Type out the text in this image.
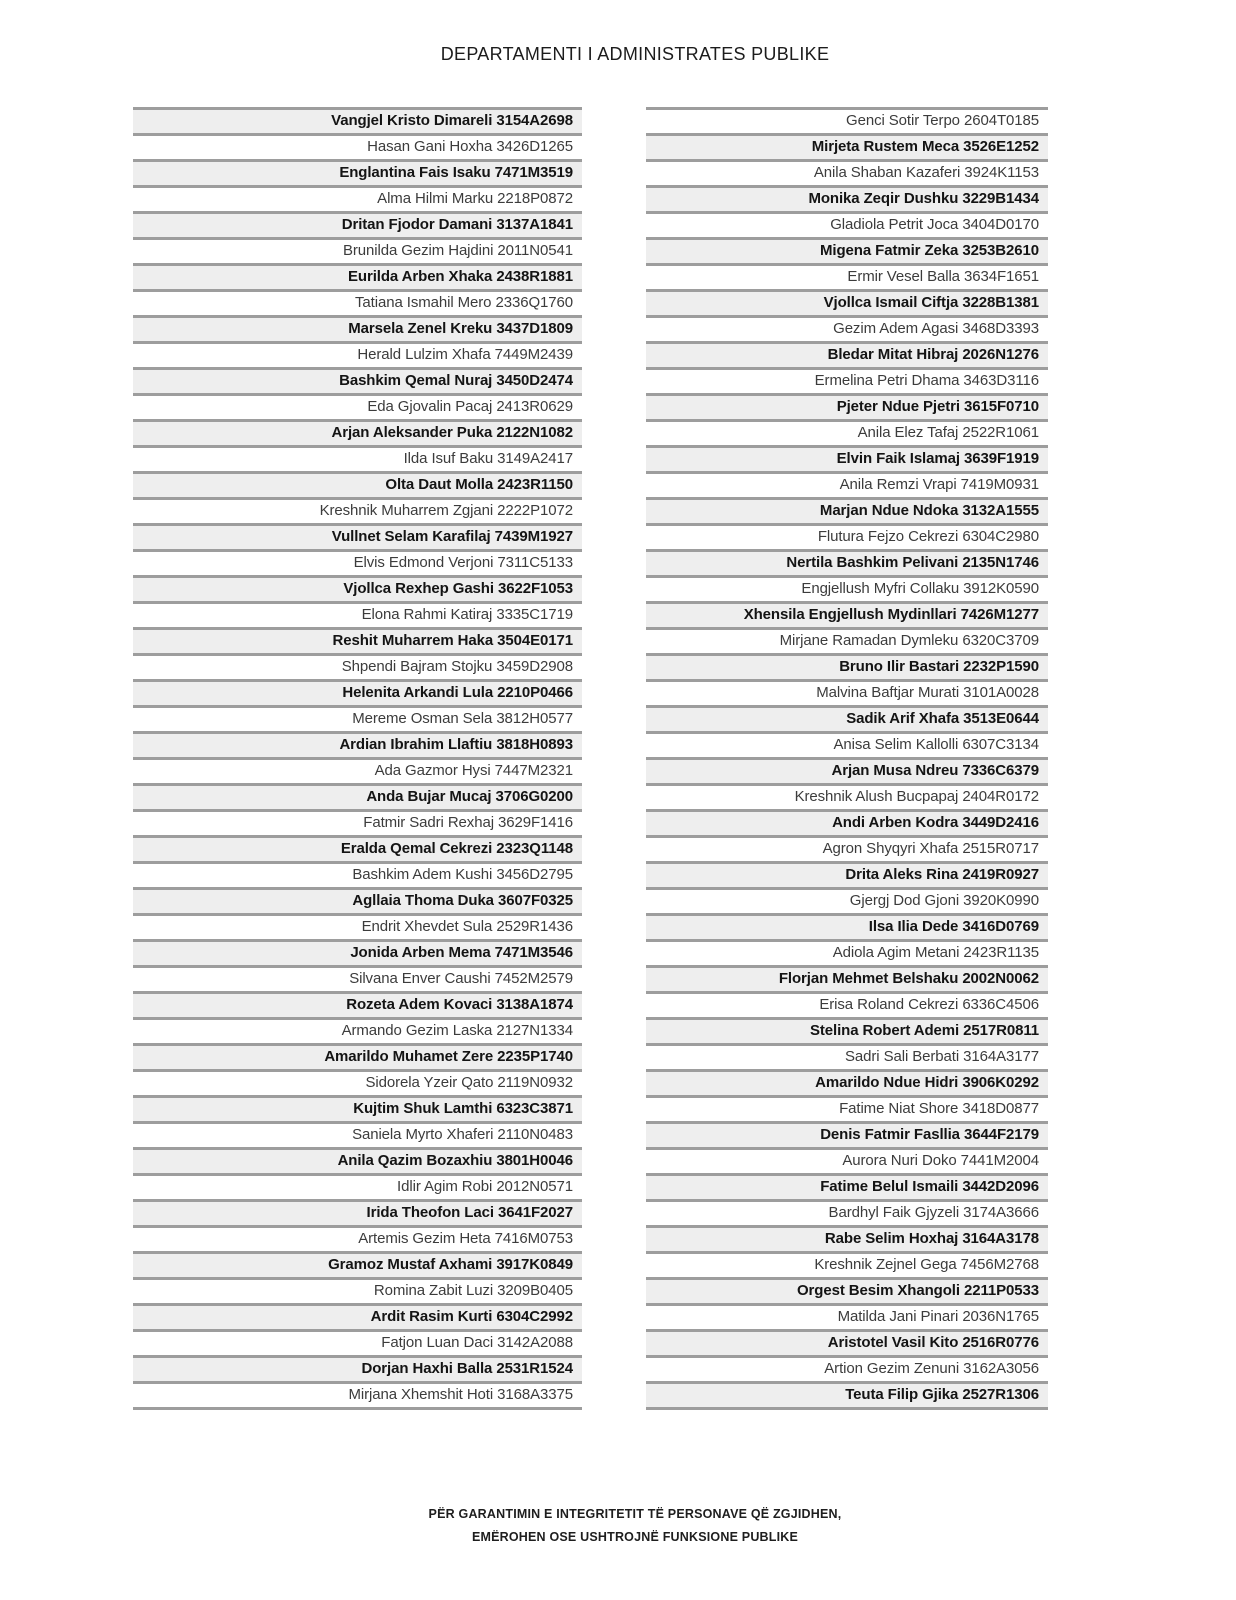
DEPARTAMENTI I ADMINISTRATES PUBLIKE
Vangjel Kristo Dimareli 3154A2698
Hasan Gani Hoxha 3426D1265
Englantina Fais Isaku 7471M3519
Alma Hilmi Marku 2218P0872
Dritan Fjodor Damani 3137A1841
Brunilda Gezim Hajdini 2011N0541
Eurilda Arben Xhaka 2438R1881
Tatiana Ismahil Mero 2336Q1760
Marsela Zenel Kreku 3437D1809
Herald Lulzim Xhafa 7449M2439
Bashkim Qemal Nuraj 3450D2474
Eda Gjovalin Pacaj 2413R0629
Arjan Aleksander Puka 2122N1082
Ilda Isuf Baku 3149A2417
Olta Daut Molla 2423R1150
Kreshnik Muharrem Zgjani 2222P1072
Vullnet Selam Karafilaj 7439M1927
Elvis Edmond Verjoni 7311C5133
Vjollca Rexhep Gashi 3622F1053
Elona Rahmi Katiraj 3335C1719
Reshit Muharrem Haka 3504E0171
Shpendi Bajram Stojku 3459D2908
Helenita Arkandi Lula 2210P0466
Mereme Osman Sela 3812H0577
Ardian Ibrahim Llaftiu 3818H0893
Ada Gazmor Hysi 7447M2321
Anda Bujar Mucaj 3706G0200
Fatmir Sadri Rexhaj 3629F1416
Eralda Qemal Cekrezi 2323Q1148
Bashkim Adem Kushi 3456D2795
Agllaia Thoma Duka 3607F0325
Endrit Xhevdet Sula 2529R1436
Jonida Arben Mema 7471M3546
Silvana Enver Caushi 7452M2579
Rozeta Adem Kovaci 3138A1874
Armando Gezim Laska 2127N1334
Amarildo Muhamet Zere 2235P1740
Sidorela Yzeir Qato 2119N0932
Kujtim Shuk Lamthi 6323C3871
Saniela Myrto Xhaferi 2110N0483
Anila Qazim Bozaxhiu 3801H0046
Idlir Agim Robi 2012N0571
Irida Theofon Laci 3641F2027
Artemis Gezim Heta 7416M0753
Gramoz Mustaf Axhami 3917K0849
Romina Zabit Luzi 3209B0405
Ardit Rasim Kurti 6304C2992
Fatjon Luan Daci 3142A2088
Dorjan Haxhi Balla 2531R1524
Mirjana Xhemshit Hoti 3168A3375
Genci Sotir Terpo 2604T0185
Mirjeta Rustem Meca 3526E1252
Anila Shaban Kazaferi 3924K1153
Monika Zeqir Dushku 3229B1434
Gladiola Petrit Joca 3404D0170
Migena Fatmir Zeka 3253B2610
Ermir Vesel Balla 3634F1651
Vjollca Ismail Ciftja 3228B1381
Gezim Adem Agasi 3468D3393
Bledar Mitat Hibraj 2026N1276
Ermelina Petri Dhama 3463D3116
Pjeter Ndue Pjetri 3615F0710
Anila Elez Tafaj 2522R1061
Elvin Faik Islamaj 3639F1919
Anila Remzi Vrapi 7419M0931
Marjan Ndue Ndoka 3132A1555
Flutura Fejzo Cekrezi 6304C2980
Nertila Bashkim Pelivani 2135N1746
Engjellush Myfri Collaku 3912K0590
Xhensila Engjellush Mydinllari 7426M1277
Mirjane Ramadan Dymleku 6320C3709
Bruno Ilir Bastari 2232P1590
Malvina Baftjar Murati 3101A0028
Sadik Arif Xhafa 3513E0644
Anisa Selim Kallolli 6307C3134
Arjan Musa Ndreu 7336C6379
Kreshnik Alush Bucpapaj 2404R0172
Andi Arben Kodra 3449D2416
Agron Shyqyri Xhafa 2515R0717
Drita Aleks Rina 2419R0927
Gjergj Dod Gjoni 3920K0990
Ilsa Ilia Dede 3416D0769
Adiola Agim Metani 2423R1135
Florjan Mehmet Belshaku 2002N0062
Erisa Roland Cekrezi 6336C4506
Stelina Robert Ademi 2517R0811
Sadri Sali Berbati 3164A3177
Amarildo Ndue Hidri 3906K0292
Fatime Niat Shore 3418D0877
Denis Fatmir Fasllia 3644F2179
Aurora Nuri Doko 7441M2004
Fatime Belul Ismaili 3442D2096
Bardhyl Faik Gjyzeli 3174A3666
Rabe Selim Hoxhaj 3164A3178
Kreshnik Zejnel Gega 7456M2768
Orgest Besim Xhangoli 2211P0533
Matilda Jani Pinari 2036N1765
Aristotel Vasil Kito 2516R0776
Artion Gezim Zenuni 3162A3056
Teuta Filip Gjika 2527R1306
PËR GARANTIMIN E INTEGRITETIT TË PERSONAVE QË ZGJIDHEN,
EMËROHEN OSE USHTROJNË FUNKSIONE PUBLIKE
